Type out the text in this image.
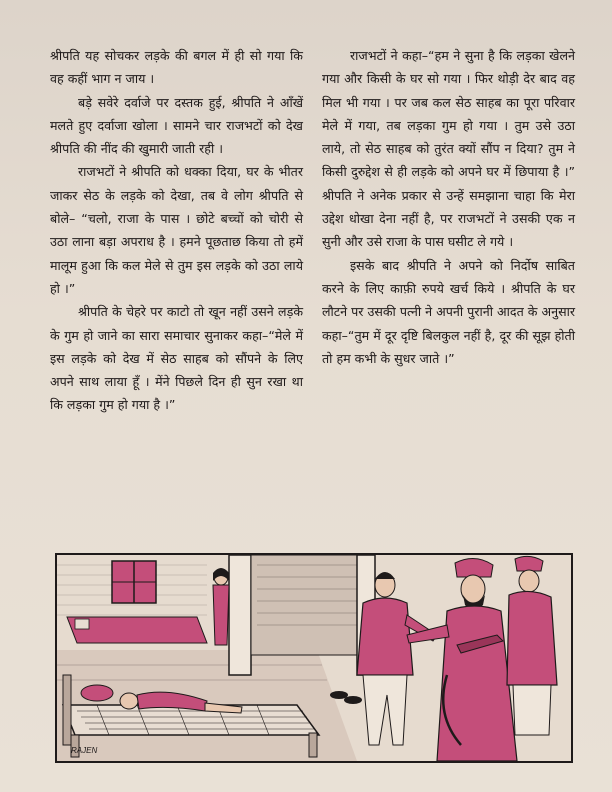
श्रीपति यह सोचकर लड़के की बगल में ही सो गया कि वह कहीं भाग न जाय ।

बड़े सवेरे दर्वाजे पर दस्तक हुई, श्रीपति ने आँखें मलते हुए दर्वाजा खोला । सामने चार राजभटों को देख श्रीपति की नींद की खुमारी जाती रही ।

राजभटों ने श्रीपति को धक्का दिया, घर के भीतर जाकर सेठ के लड़के को देखा, तब वे लोग श्रीपति से बोले– “चलो, राजा के पास । छोटे बच्चों को चोरी से उठा लाना बड़ा अपराध है । हमने पूछताछ किया तो हमें मालूम हुआ कि कल मेले से तुम इस लड़के को उठा लाये हो ।”

श्रीपति के चेहरे पर काटो तो खून नहीं उसने लड़के के गुम हो जाने का सारा समाचार सुनाकर कहा–“मेले में इस लड़के को देख में सेठ साहब को सौंपने के लिए अपने साथ लाया हूँ । मेंने पिछले दिन ही सुन रखा था कि लड़का गुम हो गया है ।”

राजभटों ने कहा–“हम ने सुना है कि लड़का खेलने गया और किसी के घर सो गया । फिर थोड़ी देर बाद वह मिल भी गया । पर जब कल सेठ साहब का पूरा परिवार मेले में गया, तब लड़का गुम हो गया । तुम उसे उठा लाये, तो सेठ साहब को तुरंत क्यों सौंप न दिया? तुम ने किसी दुरुद्देश से ही लड़के को अपने घर में छिपाया है ।” श्रीपति ने अनेक प्रकार से उन्हें समझाना चाहा कि मेरा उद्देश धोखा देना नहीं है, पर राजभटों ने उसकी एक न सुनी और उसे राजा के पास घसीट ले गये ।

इसके बाद श्रीपति ने अपने को निर्दोष साबित करने के लिए काफ़ी रुपये खर्च किये । श्रीपति के घर लौटने पर उसकी पत्नी ने अपनी पुरानी आदत के अनुसार कहा–“तुम में दूर दृष्टि बिलकुल नहीं है, दूर की सूझ होती तो हम कभी के सुधर जाते ।”

RAJEN
